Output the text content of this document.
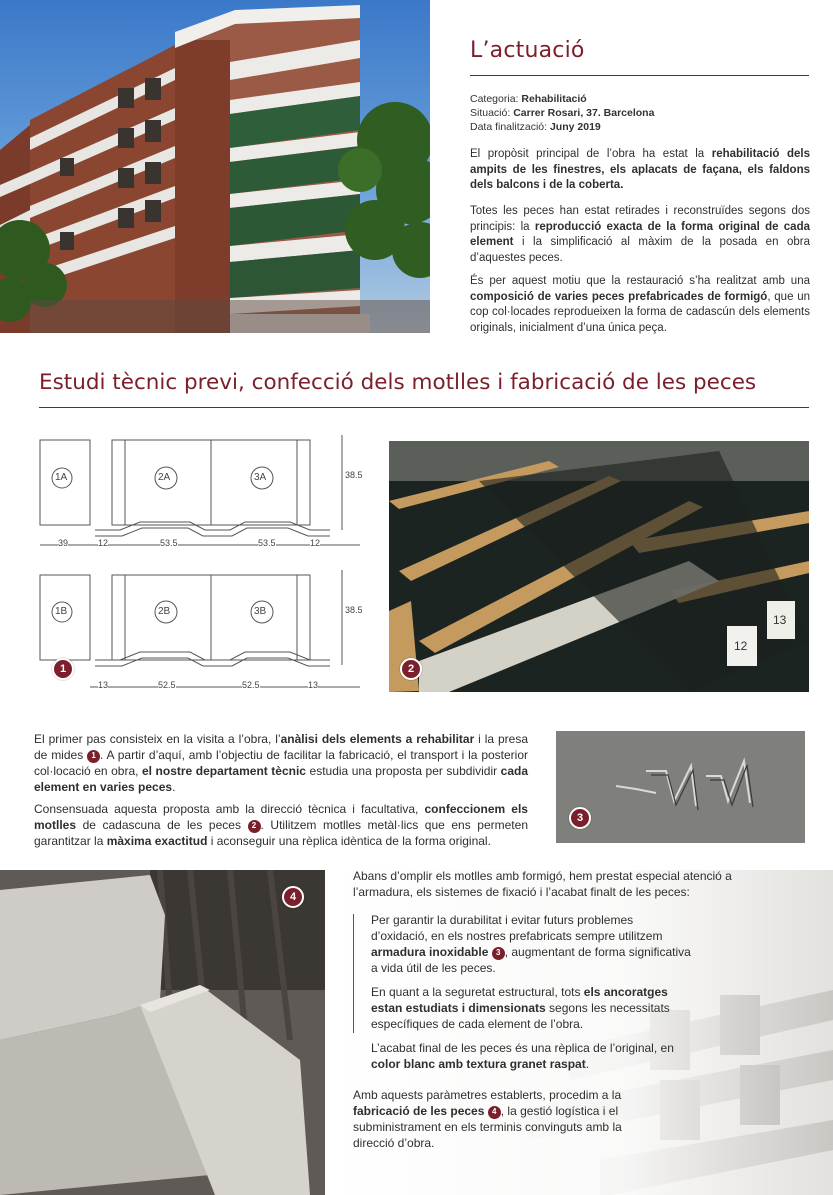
L’actuació
Categoria: Rehabilitació
Situació: Carrer Rosari, 37. Barcelona
Data finalització: Juny 2019

El propòsit principal de l’obra ha estat la rehabilitació dels ampits de les finestres, els aplacats de façana, els faldons dels balcons i de la coberta.

Totes les peces han estat retirades i reconstruïdes segons dos principis: la reproducció exacta de la forma original de cada element i la simplificació al màxim de la posada en obra d’aquestes peces.

És per aquest motiu que la restauració s’ha realitzat amb una composició de varies peces prefabricades de formigó, que un cop col·locades reprodueixen la forma de cadascún dels elements originals, inicialment d’una única peça.

Estudi tècnic previ, confecció dels motlles i fabricació de les peces
1A	2A	3A
1B	2B	3B
38.5
38.5
39	12	53.5	53.5	12
13	52.5	52.5	13
1
12
13
2

El primer pas consisteix en la visita a l’obra, l’anàlisi dels elements a rehabilitar i la presa de mides 1 . A partir d’aquí, amb l’objectiu de facilitar la fabricació, el transport i la posterior col·locació en obra, el nostre departament tècnic estudia una proposta per subdividir cada element en varies peces.

Consensuada aquesta proposta amb la direcció tècnica i facultativa, confeccionem els motlles de cadascuna de les peces 2 . Utilitzem motlles metàl·lics que ens permeten garantitzar la màxima exactitud i aconseguir una rèplica idèntica de la forma original.

3
4

Abans d’omplir els motlles amb formigó, hem prestat especial atenció a l’armadura, els sistemes de fixació i l’acabat finalt de les peces:

Per garantir la durabilitat i evitar futurs problemes d’oxidació, en els nostres prefabricats sempre utilitzem armadura inoxidable 3 , augmentant de forma significativa a vida útil de les peces.

En quant a la seguretat estructural, tots els ancoratges estan estudiats i dimensionats segons les necessitats específiques de cada element de l’obra.

L’acabat final de les peces és una rèplica de l’original, en color blanc amb textura granet raspat.

Amb aquests paràmetres establerts, procedim a la fabricació de les peces 4 , la gestió logística i el subministrament en els terminis convinguts amb la direcció d’obra.
